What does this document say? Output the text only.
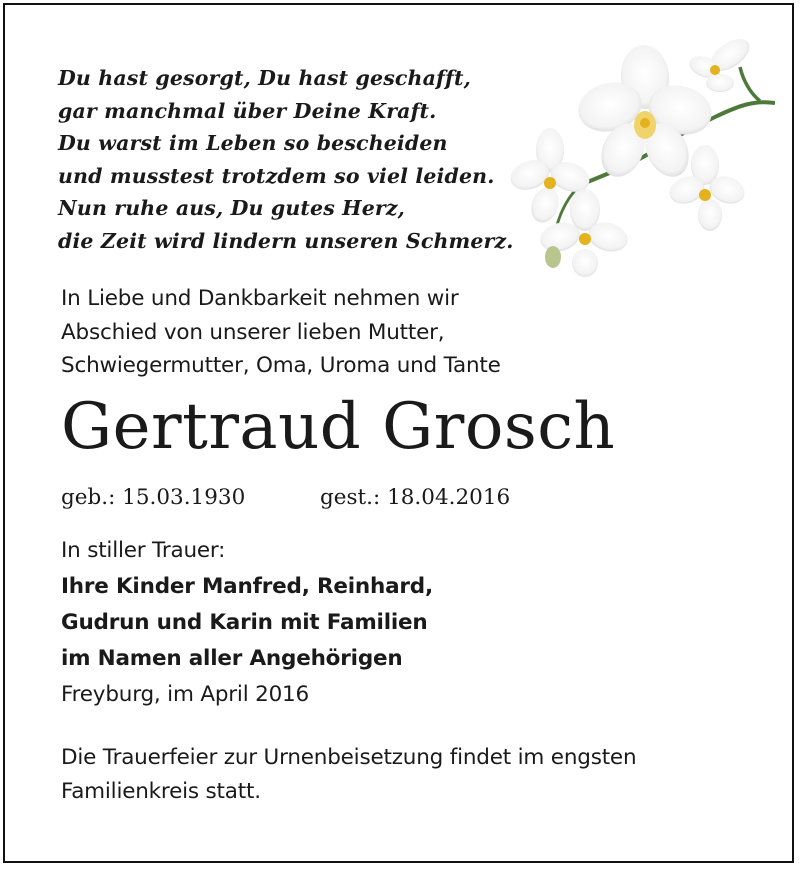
Du hast gesorgt, Du hast geschafft,
gar manchmal über Deine Kraft.
Du warst im Leben so bescheiden
und musstest trotzdem so viel leiden.
Nun ruhe aus, Du gutes Herz,
die Zeit wird lindern unseren Schmerz.
In Liebe und Dankbarkeit nehmen wir
Abschied von unserer lieben Mutter,
Schwiegermutter, Oma, Uroma und Tante
Gertraud Grosch
geb.: 15.03.1930	gest.: 18.04.2016
In stiller Trauer:
Ihre Kinder Manfred, Reinhard,
Gudrun und Karin mit Familien
im Namen aller Angehörigen
Freyburg, im April 2016
Die Trauerfeier zur Urnenbeisetzung findet im engsten
Familienkreis statt.
